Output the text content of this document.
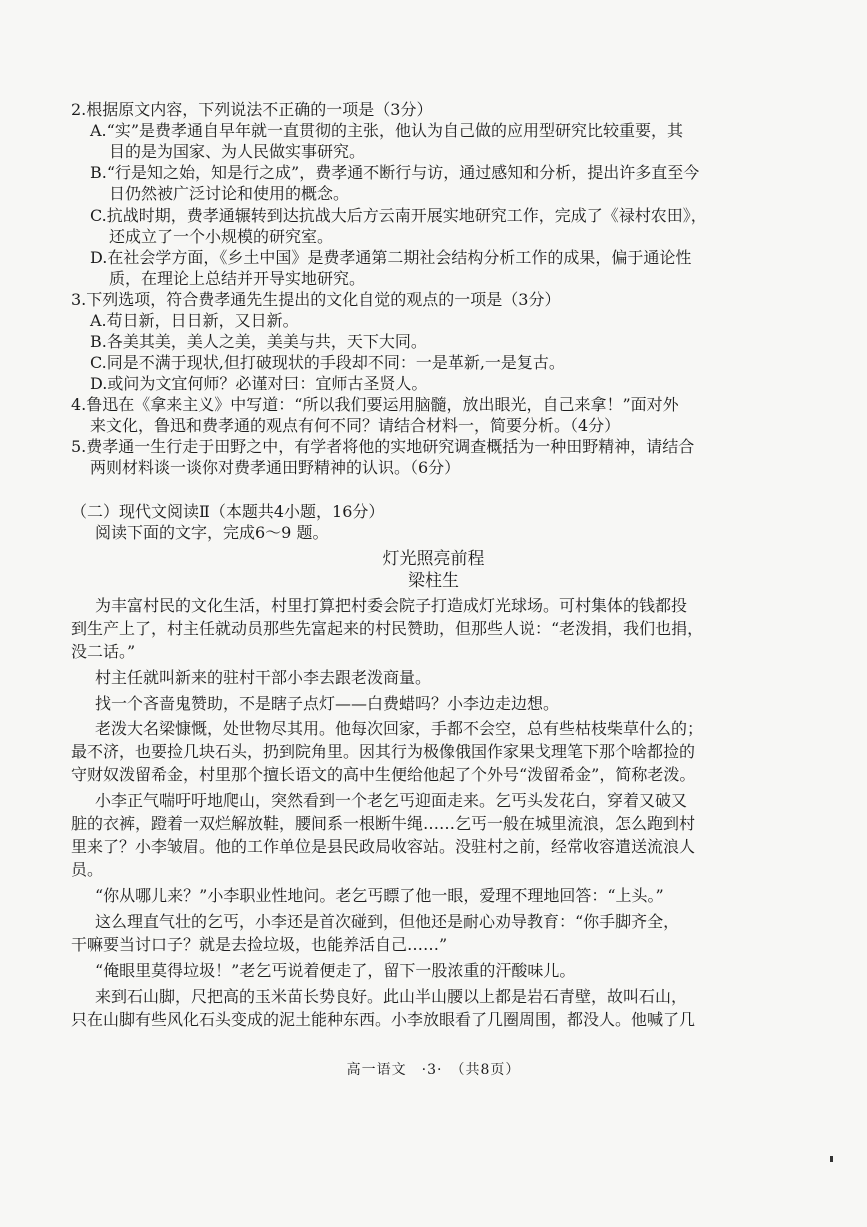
2.根据原文内容，下列说法不正确的一项是（3分）
A.“实”是费孝通自早年就一直贯彻的主张，他认为自己做的应用型研究比较重要，其
目的是为国家、为人民做实事研究。
B.“行是知之始，知是行之成”，费孝通不断行与访，通过感知和分析，提出许多直至今
日仍然被广泛讨论和使用的概念。
C.抗战时期，费孝通辗转到达抗战大后方云南开展实地研究工作，完成了《禄村农田》，
还成立了一个小规模的研究室。
D.在社会学方面，《乡土中国》是费孝通第二期社会结构分析工作的成果，偏于通论性
质，在理论上总结并开导实地研究。
3.下列选项，符合费孝通先生提出的文化自觉的观点的一项是（3分）
A.苟日新，日日新，又日新。
B.各美其美，美人之美，美美与共，天下大同。
C.同是不满于现状,但打破现状的手段却不同：一是革新,一是复古。
D.或问为文宜何师？必谨对曰：宜师古圣贤人。
4.鲁迅在《拿来主义》中写道：“所以我们要运用脑髓，放出眼光，自己来拿！”面对外
来文化，鲁迅和费孝通的观点有何不同？请结合材料一，简要分析。（4分）
5.费孝通一生行走于田野之中，有学者将他的实地研究调查概括为一种田野精神，请结合
两则材料谈一谈你对费孝通田野精神的认识。（6分）
（二）现代文阅读Ⅱ（本题共4小题，16分）
阅读下面的文字，完成6～9 题。
灯光照亮前程
梁柱生
为丰富村民的文化生活，村里打算把村委会院子打造成灯光球场。可村集体的钱都投
到生产上了，村主任就动员那些先富起来的村民赞助，但那些人说：“老泼捐，我们也捐，
没二话。”
村主任就叫新来的驻村干部小李去跟老泼商量。
找一个吝啬鬼赞助，不是瞎子点灯——白费蜡吗？小李边走边想。
老泼大名梁慷慨，处世物尽其用。他每次回家，手都不会空，总有些枯枝柴草什么的；
最不济，也要捡几块石头，扔到院角里。因其行为极像俄国作家果戈理笔下那个啥都捡的
守财奴泼留希金，村里那个擅长语文的高中生便给他起了个外号“泼留希金”，简称老泼。
小李正气喘吁吁地爬山，突然看到一个老乞丐迎面走来。乞丐头发花白，穿着又破又
脏的衣裤，蹬着一双烂解放鞋，腰间系一根断牛绳……乞丐一般在城里流浪，怎么跑到村
里来了？小李皱眉。他的工作单位是县民政局收容站。没驻村之前，经常收容遣送流浪人
员。
“你从哪儿来？”小李职业性地问。老乞丐瞟了他一眼，爱理不理地回答：“上头。”
这么理直气壮的乞丐，小李还是首次碰到，但他还是耐心劝导教育：“你手脚齐全，
干嘛要当讨口子？就是去捡垃圾，也能养活自己……”
“俺眼里莫得垃圾！”老乞丐说着便走了，留下一股浓重的汗酸味儿。
来到石山脚，尺把高的玉米苗长势良好。此山半山腰以上都是岩石青壁，故叫石山，
只在山脚有些风化石头变成的泥土能种东西。小李放眼看了几圈周围，都没人。他喊了几
高一语文　·3·　（共8页）
